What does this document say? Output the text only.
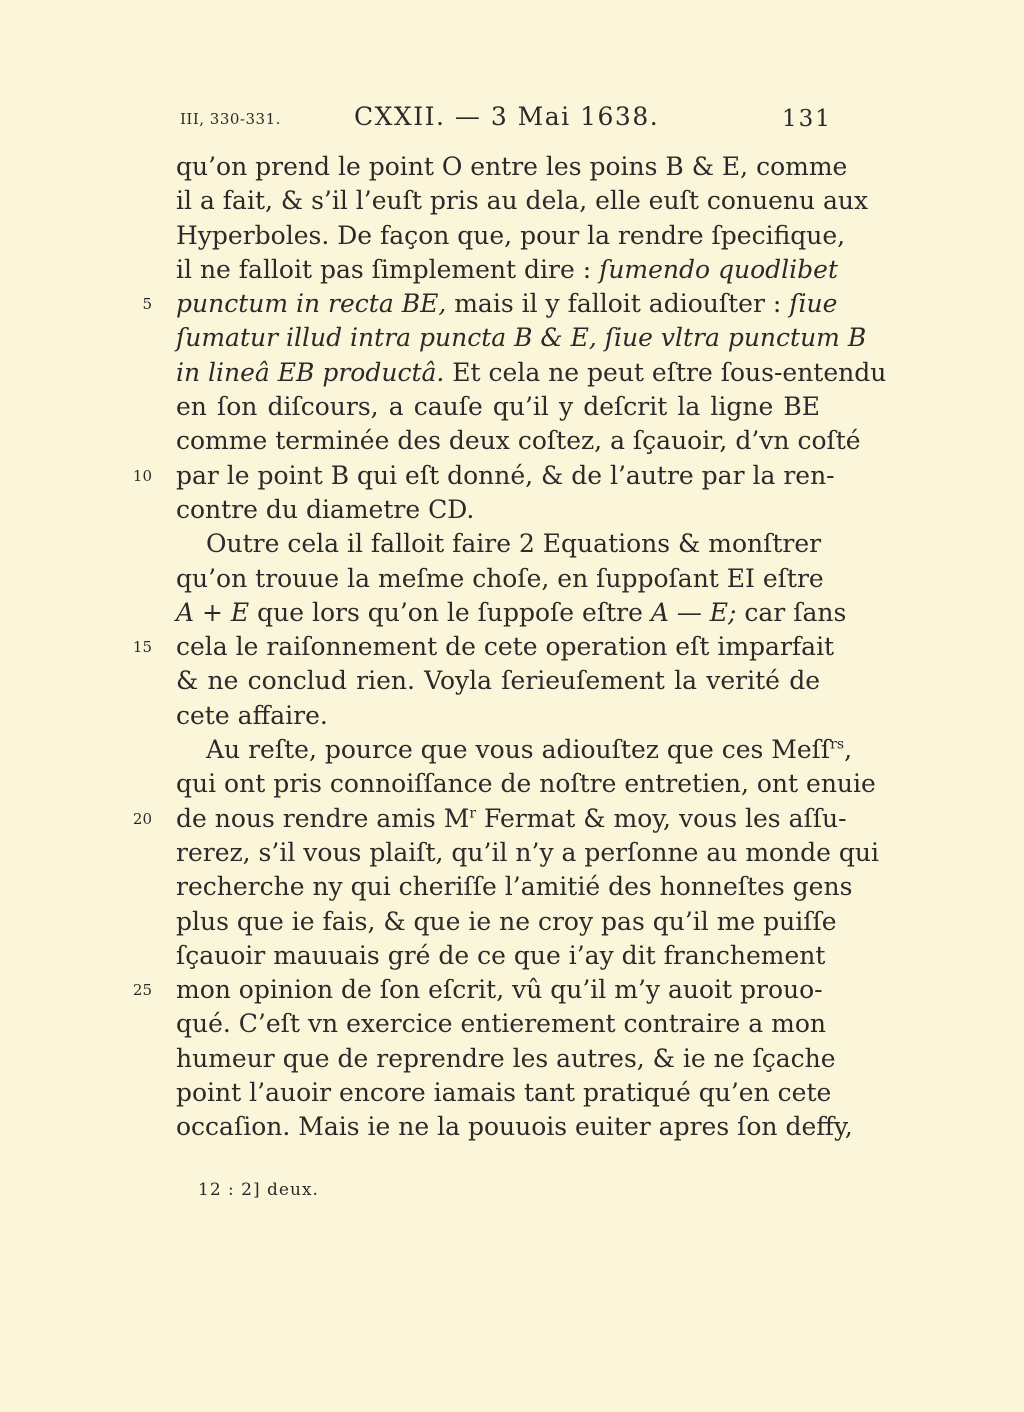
III, 330-331.	CXXII. — 3 Mai 1638.	131
qu’on prend le point O entre les poins B & E, comme
il a fait, & s’il l’euſt pris au dela, elle euſt conuenu aux
Hyperboles. De façon que, pour la rendre ſpecifique,
il ne falloit pas ſimplement dire : ſumendo quodlibet
5 punctum in recta BE, mais il y falloit adiouſter : ſiue
ſumatur illud intra puncta B & E, ſiue vltra punctum B
in lineâ EB productâ. Et cela ne peut eſtre ſous-entendu
en ſon diſcours, a cauſe qu’il y deſcrit la ligne BE
comme terminée des deux coſtez, a ſçauoir, d’vn coſté
10 par le point B qui eſt donné, & de l’autre par la ren-
contre du diametre CD.
Outre cela il falloit faire 2 Equations & monſtrer
qu’on trouue la meſme choſe, en ſuppoſant EI eſtre
A + E que lors qu’on le ſuppoſe eſtre A — E; car ſans
15 cela le raiſonnement de cete operation eſt imparfait
& ne conclud rien. Voyla ſerieuſement la verité de
cete affaire.
Au reſte, pource que vous adiouſtez que ces Meſſ$^{rs}$,
qui ont pris connoiſſance de noſtre entretien, ont enuie
20 de nous rendre amis $M^r$ Fermat & moy, vous les aſſu-
rerez, s’il vous plaiſt, qu’il n’y a perſonne au monde qui
recherche ny qui cheriſſe l’amitié des honneſtes gens
plus que ie fais, & que ie ne croy pas qu’il me puiſſe
ſçauoir mauuais gré de ce que i’ay dit franchement
25 mon opinion de ſon eſcrit, vû qu’il m’y auoit prouo-
qué. C’eſt vn exercice entierement contraire a mon
humeur que de reprendre les autres, & ie ne ſçache
point l’auoir encore iamais tant pratiqué qu’en cete
occaſion. Mais ie ne la pouuois euiter apres ſon deffy,
12 : 2] deux.
